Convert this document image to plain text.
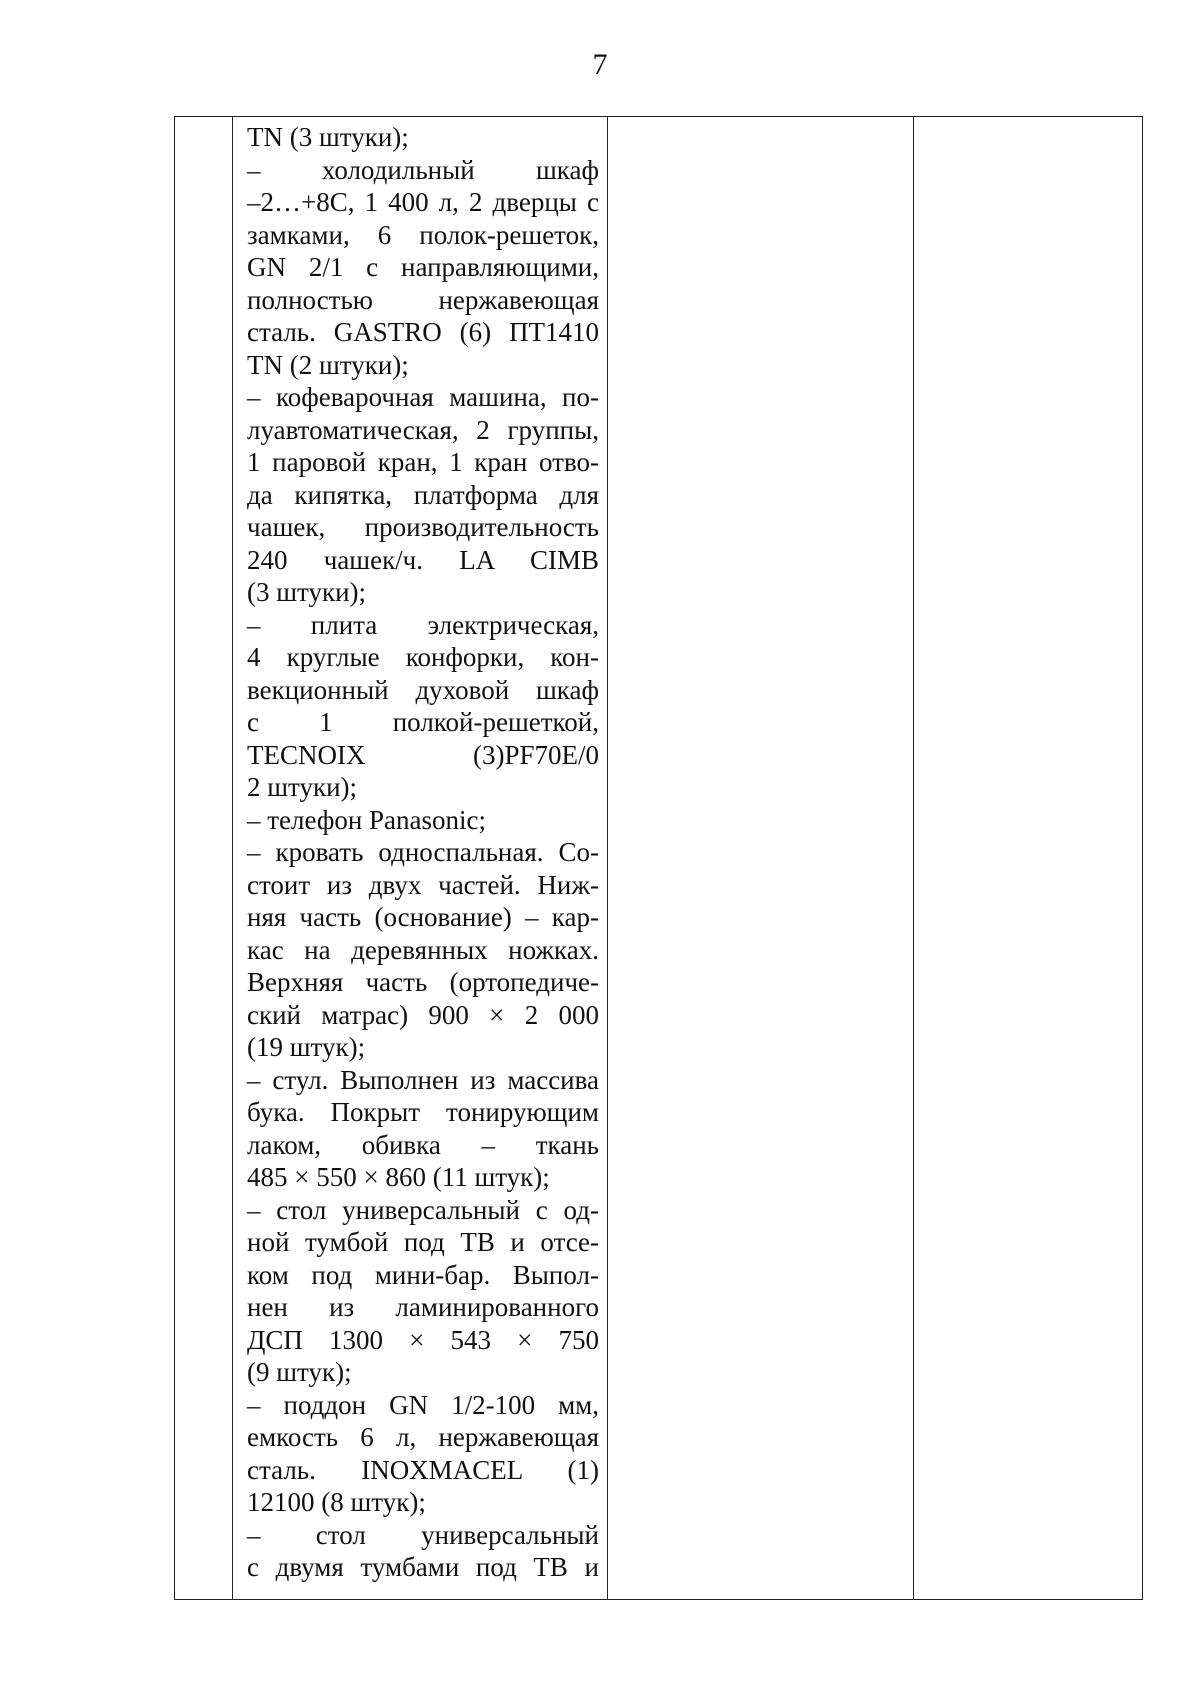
7

TN (3 штуки);
– холодильный шкаф
–2…+8С, 1 400 л, 2 дверцы с
замками, 6 полок-решеток,
GN 2/1 с направляющими,
полностью нержавеющая
сталь. GASTRO (6) ПТ1410
TN (2 штуки);
– кофеварочная машина, по-
луавтоматическая, 2 группы,
1 паровой кран, 1 кран отво-
да кипятка, платформа для
чашек, производительность
240 чашек/ч. LA CIMB
(3 штуки);
– плита электрическая,
4 круглые конфорки, кон-
векционный духовой шкаф
с 1 полкой-решеткой,
TECNOIX (3)PF70E/0
2 штуки);
– телефон Panasonic;
– кровать односпальная. Со-
стоит из двух частей. Ниж-
няя часть (основание) – кар-
кас на деревянных ножках.
Верхняя часть (ортопедиче-
ский матрас) 900 × 2 000
(19 штук);
– стул. Выполнен из массива
бука. Покрыт тонирующим
лаком, обивка – ткань
485 × 550 × 860 (11 штук);
– стол универсальный с од-
ной тумбой под ТВ и отсе-
ком под мини-бар. Выпол-
нен из ламинированного
ДСП 1300 × 543 × 750
(9 штук);
– поддон GN 1/2-100 мм,
емкость 6 л, нержавеющая
сталь. INOXMACEL (1)
12100 (8 штук);
– стол универсальный
с двумя тумбами под ТВ и
